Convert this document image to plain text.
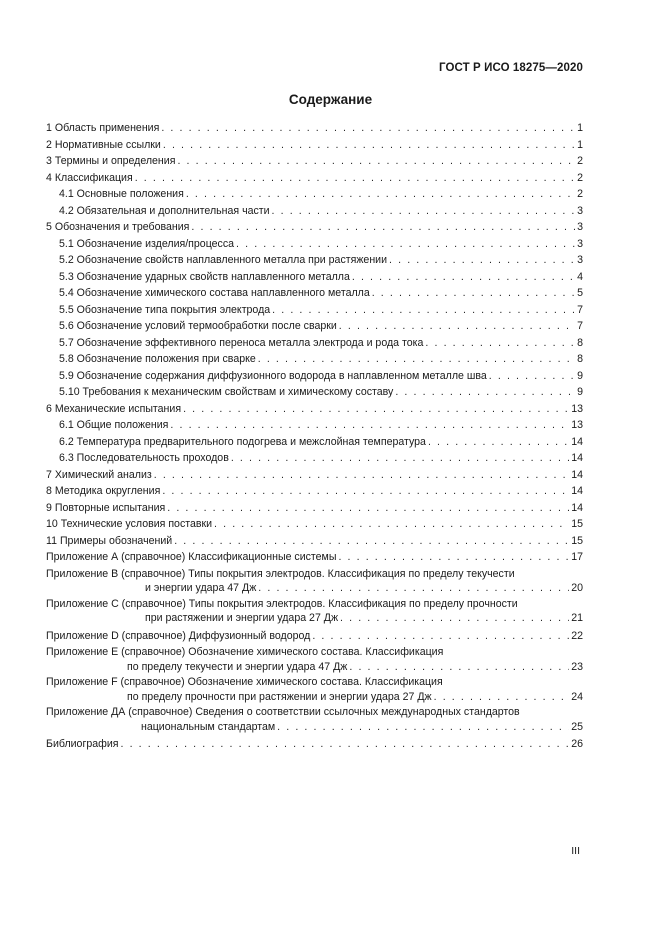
ГОСТ Р ИСО 18275—2020
Содержание
1 Область применения . . .	1
2 Нормативные ссылки . . .	1
3 Термины и определения . . .	2
4 Классификация . . .	2
4.1 Основные положения . . .	2
4.2 Обязательная и дополнительная части . . .	3
5 Обозначения и требования . . .	3
5.1 Обозначение изделия/процесса . . .	3
5.2 Обозначение свойств наплавленного металла при растяжении . . .	3
5.3 Обозначение ударных свойств наплавленного металла . . .	4
5.4 Обозначение химического состава наплавленного металла . . .	5
5.5 Обозначение типа покрытия электрода . . .	7
5.6 Обозначение условий термообработки после сварки . . .	7
5.7 Обозначение эффективного переноса металла электрода и рода тока . . .	8
5.8 Обозначение положения при сварке . . .	8
5.9 Обозначение содержания диффузионного водорода в наплавленном металле шва . . .	9
5.10 Требования к механическим свойствам и химическому составу . . .	9
6 Механические испытания . . .	13
6.1 Общие положения . . .	13
6.2 Температура предварительного подогрева и межслойная температура . . .	14
6.3 Последовательность проходов . . .	14
7 Химический анализ . . .	14
8 Методика округления . . .	14
9 Повторные испытания . . .	14
10 Технические условия поставки . . .	15
11 Примеры обозначений . . .	15
Приложение А (справочное) Классификационные системы . . .	17
Приложение В (справочное) Типы покрытия электродов. Классификация по пределу текучести
и энергии удара 47 Дж . . .	20
Приложение С (справочное) Типы покрытия электродов. Классификация по пределу прочности
при растяжении и энергии удара 27 Дж . . .	21
Приложение D (справочное) Диффузионный водород . . .	22
Приложение Е (справочное) Обозначение химического состава. Классификация
по пределу текучести и энергии удара 47 Дж . . .	23
Приложение F (справочное) Обозначение химического состава. Классификация
по пределу прочности при растяжении и энергии удара 27 Дж . . .	24
Приложение ДА (справочное) Сведения о соответствии ссылочных международных стандартов
национальным стандартам . . .	25
Библиография . . .	26
III
